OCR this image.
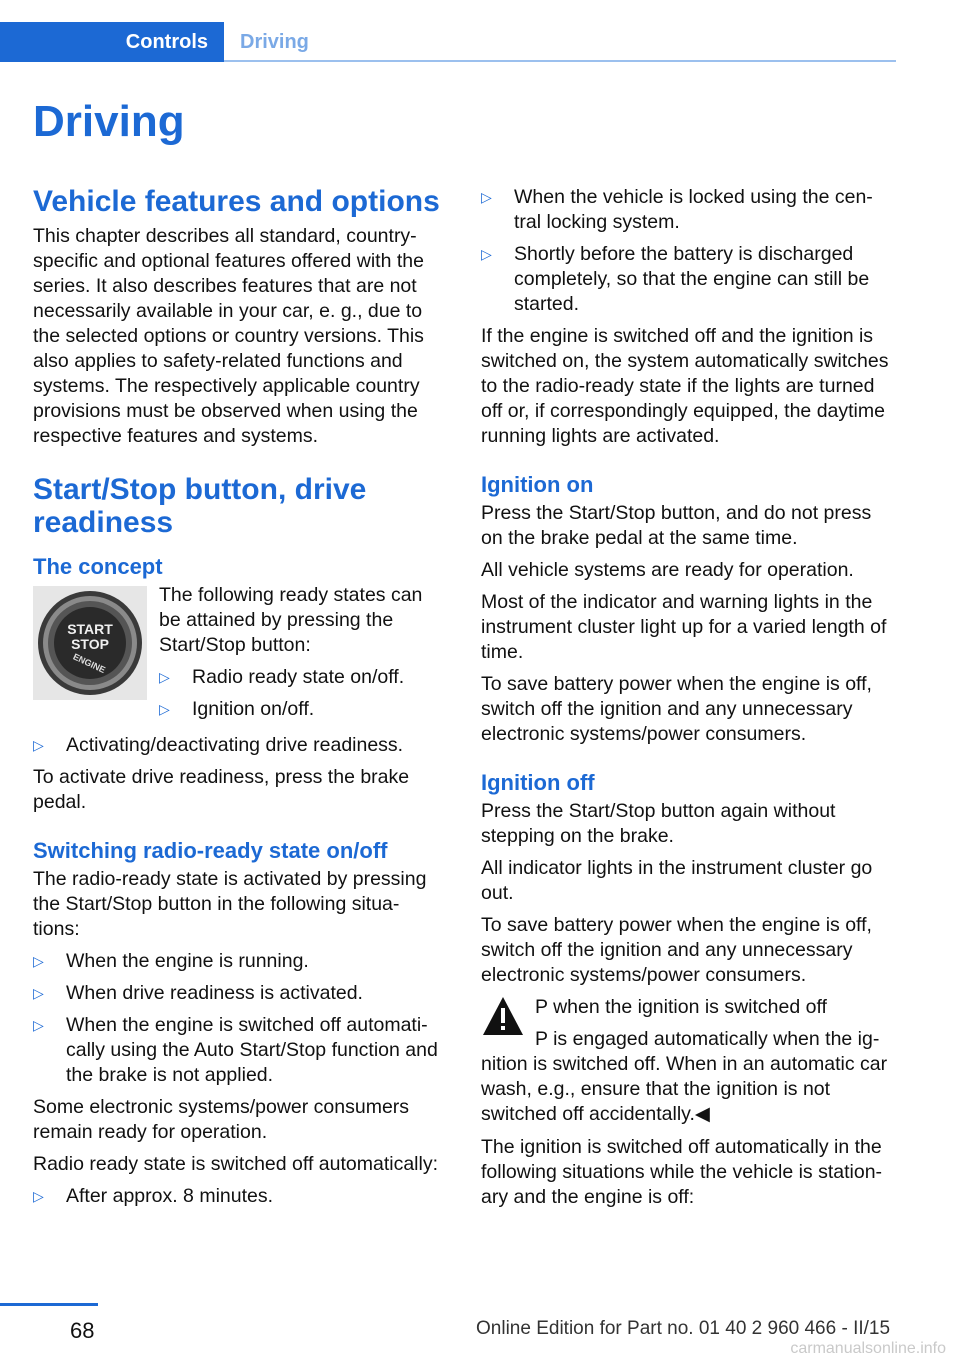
Controls Driving
Driving
Vehicle features and options

This chapter describes all standard, country-specific and optional features offered with the series. It also describes features that are not necessarily available in your car, e. g., due to the selected options or country versions. This also applies to safety-related functions and systems. The respectively applicable country provisions must be observed when using the respective features and systems.

Start/Stop button, drive readiness
The concept
START
STOP
ENGINE

The following ready states can be attained by pressing the Start/Stop button:

▷ Radio ready state on/off.
▷ Ignition on/off.
▷ Activating/deactivating drive readiness.

To activate drive readiness, press the brake pedal.

Switching radio-ready state on/off

The radio-ready state is activated by pressing the Start/Stop button in the following situa-tions:

▷ When the engine is running.
▷ When drive readiness is activated.
▷ When the engine is switched off automati-cally using the Auto Start/Stop function and the brake is not applied.

Some electronic systems/power consumers remain ready for operation.

Radio ready state is switched off automatically:

▷ After approx. 8 minutes.
▷ When the vehicle is locked using the cen-tral locking system.
▷ Shortly before the battery is discharged completely, so that the engine can still be started.

If the engine is switched off and the ignition is switched on, the system automatically switches to the radio-ready state if the lights are turned off or, if correspondingly equipped, the daytime running lights are activated.

Ignition on

Press the Start/Stop button, and do not press on the brake pedal at the same time.

All vehicle systems are ready for operation.

Most of the indicator and warning lights in the instrument cluster light up for a varied length of time.

To save battery power when the engine is off, switch off the ignition and any unnecessary electronic systems/power consumers.

Ignition off

Press the Start/Stop button again without stepping on the brake.

All indicator lights in the instrument cluster go out.

To save battery power when the engine is off, switch off the ignition and any unnecessary electronic systems/power consumers.

P when the ignition is switched off

P is engaged automatically when the ig-nition is switched off. When in an automatic car wash, e.g., ensure that the ignition is not switched off accidentally.◀

The ignition is switched off automatically in the following situations while the vehicle is station-ary and the engine is off:

68	Online Edition for Part no. 01 40 2 960 466 - II/15
carmanualsonline.info
